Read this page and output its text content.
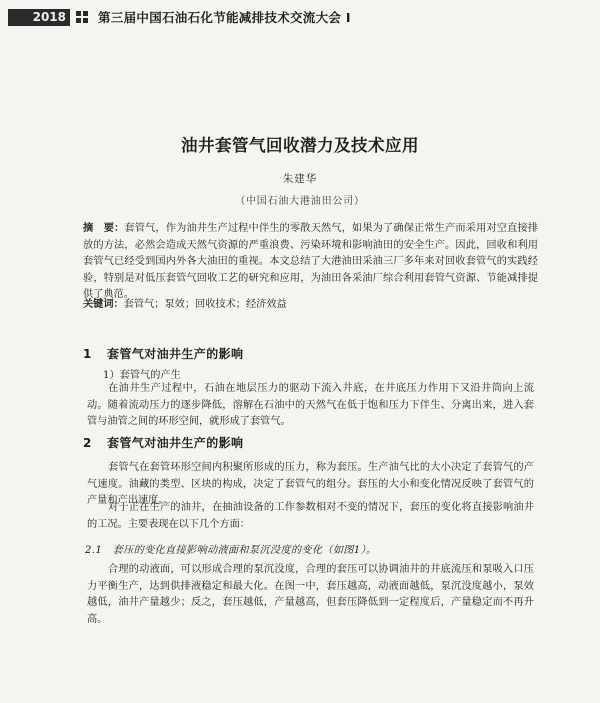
2018	第三届中国石油石化节能减排技术交流大会 I
油井套管气回收潜力及技术应用
朱建华
（中国石油大港油田公司）
摘　要：套管气，作为油井生产过程中伴生的零散天然气，如果为了确保正常生产而采用对空直接排放的方法，必然会造成天然气资源的严重浪费、污染环境和影响油田的安全生产。因此，回收和利用套管气已经受到国内外各大油田的重视。本文总结了大港油田采油三厂多年来对回收套管气的实践经验，特别是对低压套管气回收工艺的研究和应用，为油田各采油厂综合利用套管气资源、节能减排提供了典范。
关键词：套管气；泵效；回收技术；经济效益
1 套管气对油井生产的影响
1）套管气的产生
在油井生产过程中，石油在地层压力的驱动下流入井底，在井底压力作用下又沿井筒向上流动。随着流动压力的逐步降低，溶解在石油中的天然气在低于饱和压力下伴生、分离出来，进入套管与油管之间的环形空间，就形成了套管气。
2 套管气对油井生产的影响
套管气在套管环形空间内积聚所形成的压力，称为套压。生产油气比的大小决定了套管气的产气速度。油藏的类型、区块的构成，决定了套管气的组分。套压的大小和变化情况反映了套管气的产量和产出速度。
对于正在生产的油井，在抽油设备的工作参数相对不变的情况下，套压的变化将直接影响油井的工况。主要表现在以下几个方面：
2.1　套压的变化直接影响动液面和泵沉没度的变化（如图1）。
合理的动液面，可以形成合理的泵沉没度，合理的套压可以协调油井的井底流压和泵吸入口压力平衡生产，达到供排液稳定和最大化。在图一中，套压越高，动液面越低，泵沉没度越小，泵效越低，油井产量越少；反之，套压越低，产量越高，但套压降低到一定程度后，产量稳定而不再升高。
